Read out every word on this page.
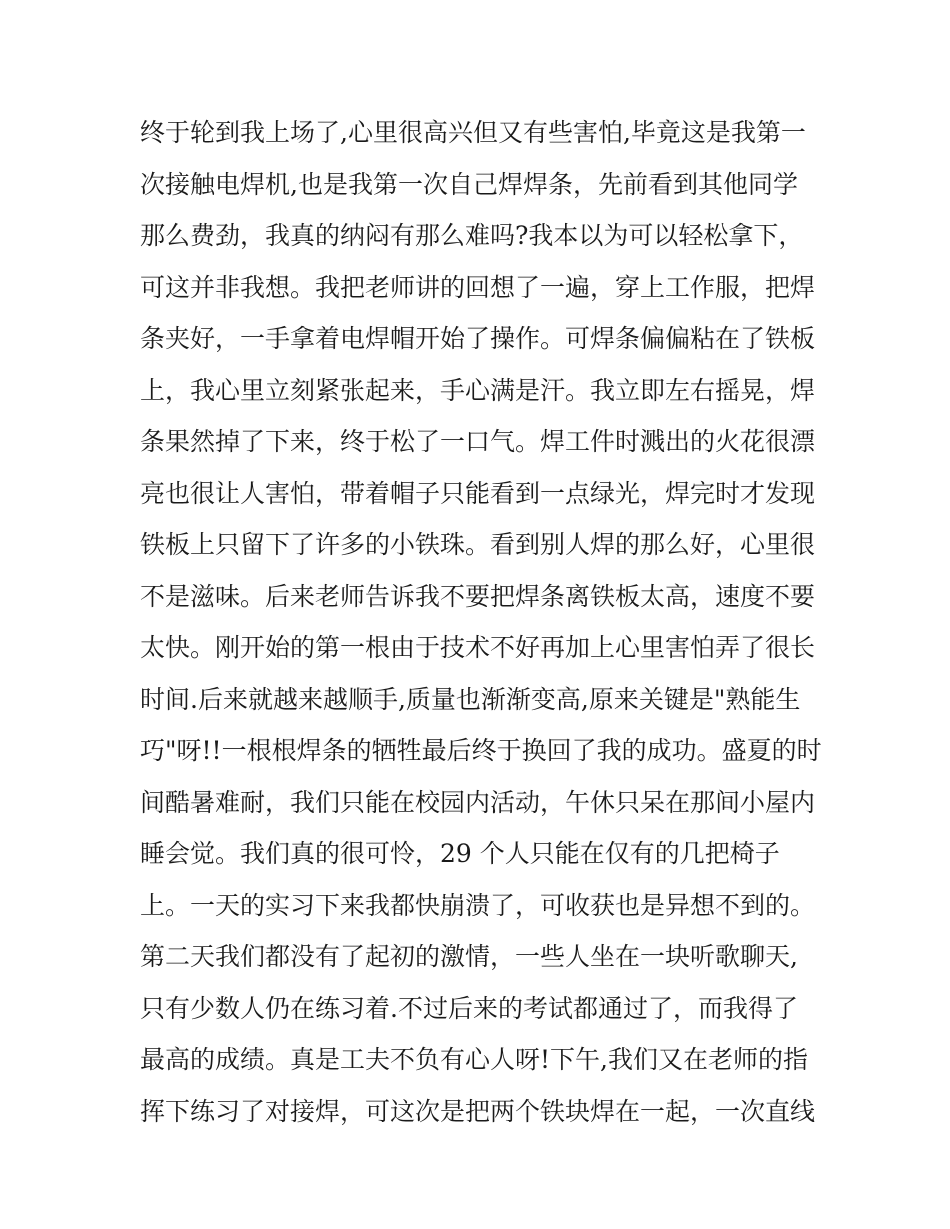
终于轮到我上场了,心里很高兴但又有些害怕,毕竟这是我第一
次接触电焊机,也是我第一次自己焊焊条，先前看到其他同学
那么费劲，我真的纳闷有那么难吗?我本以为可以轻松拿下，
可这并非我想。我把老师讲的回想了一遍，穿上工作服，把焊
条夹好，一手拿着电焊帽开始了操作。可焊条偏偏粘在了铁板
上，我心里立刻紧张起来，手心满是汗。我立即左右摇晃，焊
条果然掉了下来，终于松了一口气。焊工件时溅出的火花很漂
亮也很让人害怕，带着帽子只能看到一点绿光，焊完时才发现
铁板上只留下了许多的小铁珠。看到别人焊的那么好，心里很
不是滋味。后来老师告诉我不要把焊条离铁板太高，速度不要
太快。刚开始的第一根由于技术不好再加上心里害怕弄了很长
时间.后来就越来越顺手,质量也渐渐变高,原来关键是"熟能生
巧"呀!!一根根焊条的牺牲最后终于换回了我的成功。盛夏的时
间酷暑难耐，我们只能在校园内活动，午休只呆在那间小屋内
睡会觉。我们真的很可怜，29 个人只能在仅有的几把椅子
上。一天的实习下来我都快崩溃了，可收获也是异想不到的。
第二天我们都没有了起初的激情，一些人坐在一块听歌聊天,
只有少数人仍在练习着.不过后来的考试都通过了，而我得了
最高的成绩。真是工夫不负有心人呀!下午,我们又在老师的指
挥下练习了对接焊，可这次是把两个铁块焊在一起，一次直线
